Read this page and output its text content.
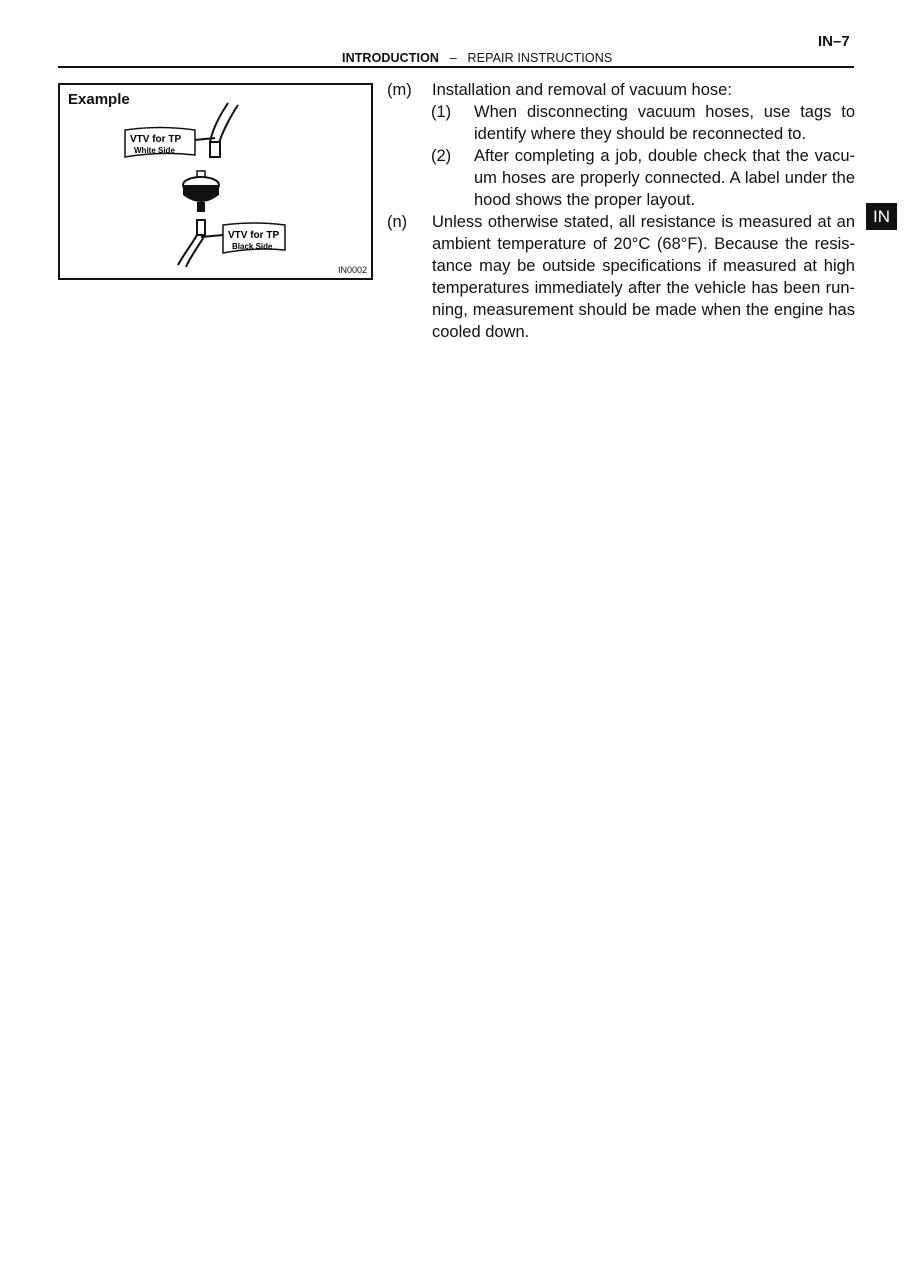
IN–7
INTRODUCTION – REPAIR INSTRUCTIONS
Example
VTV for TP
White Side
VTV for TP
Black Side
IN0002
IN
(m) Installation and removal of vacuum hose:
(1) When disconnecting vacuum hoses, use tags to
identify where they should be reconnected to.
(2) After completing a job, double check that the vacu-
um hoses are properly connected. A label under the
hood shows the proper layout.
(n) Unless otherwise stated, all resistance is measured at an
ambient temperature of 20°C (68°F). Because the resis-
tance may be outside specifications if measured at high
temperatures immediately after the vehicle has been run-
ning, measurement should be made when the engine has
cooled down.
